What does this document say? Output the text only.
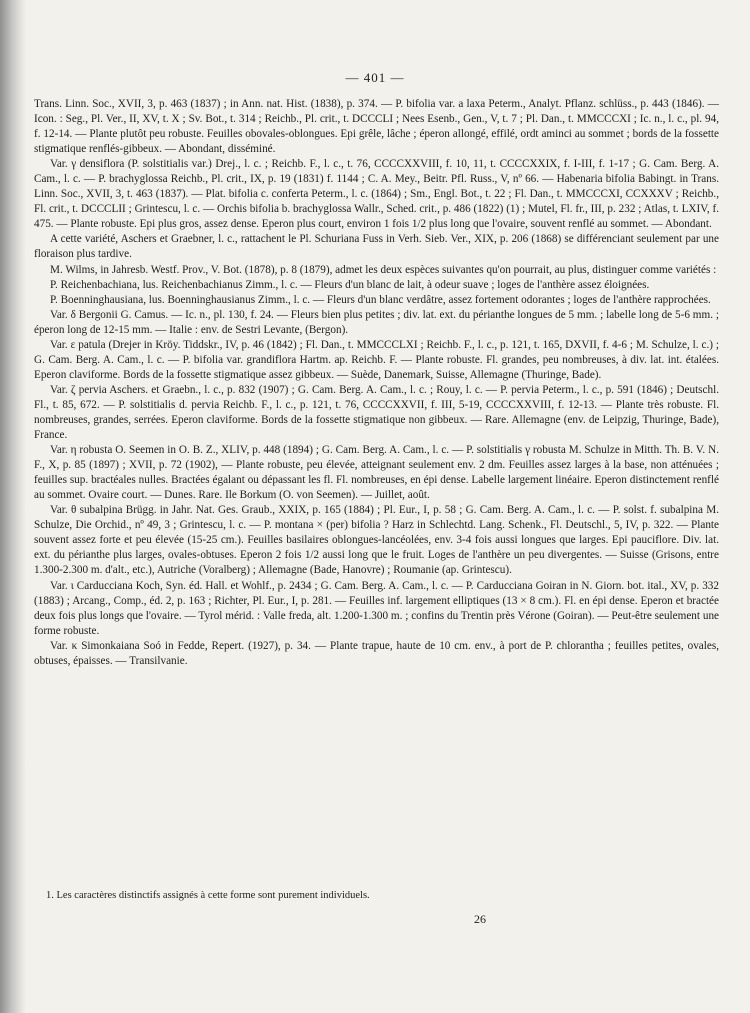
— 401 —

Trans. Linn. Soc., XVII, 3, p. 463 (1837) ; in Ann. nat. Hist. (1838), p. 374. — P. bifolia var. a laxa Peterm., Analyt. Pflanz. schlüss., p. 443 (1846). — Icon. : Seg., Pl. Ver., II, XV, t. X ; Sv. Bot., t. 314 ; Reichb., Pl. crit., t. DCCCLI ; Nees Esenb., Gen., V, t. 7 ; Pl. Dan., t. MMCCCXI ; Ic. n., l. c., pl. 94, f. 12-14. — Plante plutôt peu robuste. Feuilles obovales-oblongues. Epi grêle, lâche ; éperon allongé, effilé, ordt aminci au sommet ; bords de la fossette stigmatique renflés-gibbeux. — Abondant, disséminé.

Var. γ densiflora (P. solstitialis var.) Drej., l. c. ; Reichb. F., l. c., t. 76, CCCCXXVIII, f. 10, 11, t. CCCCXXIX, f. I-III, f. 1-17 ; G. Cam. Berg. A. Cam., l. c. — P. brachyglossa Reichb., Pl. crit., IX, p. 19 (1831) f. 1144 ; C. A. Mey., Beitr. Pfl. Russ., V, nº 66. — Habenaria bifolia Babingt. in Trans. Linn. Soc., XVII, 3, t. 463 (1837). — Plat. bifolia c. conferta Peterm., l. c. (1864) ; Sm., Engl. Bot., t. 22 ; Fl. Dan., t. MMCCCXI, CCXXXV ; Reichb., Fl. crit., t. DCCCLII ; Grintescu, l. c. — Orchis bifolia b. brachyglossa Wallr., Sched. crit., p. 486 (1822) (1) ; Mutel, Fl. fr., III, p. 232 ; Atlas, t. LXIV, f. 475. — Plante robuste. Epi plus gros, assez dense. Eperon plus court, environ 1 fois 1/2 plus long que l'ovaire, souvent renflé au sommet. — Abondant.

A cette variété, Aschers et Graebner, l. c., rattachent le Pl. Schuriana Fuss in Verh. Sieb. Ver., XIX, p. 206 (1868) se différenciant seulement par une floraison plus tardive.

M. Wilms, in Jahresb. Westf. Prov., V. Bot. (1878), p. 8 (1879), admet les deux espèces suivantes qu'on pourrait, au plus, distinguer comme variétés :

P. Reichenbachiana, lus. Reichenbachianus Zimm., l. c. — Fleurs d'un blanc de lait, à odeur suave ; loges de l'anthère assez éloignées.

P. Boenninghausiana, lus. Boenninghausianus Zimm., l. c. — Fleurs d'un blanc verdâtre, assez fortement odorantes ; loges de l'anthère rapprochées.

Var. δ Bergonii G. Camus. — Ic. n., pl. 130, f. 24. — Fleurs bien plus petites ; div. lat. ext. du périanthe longues de 5 mm. ; labelle long de 5-6 mm. ; éperon long de 12-15 mm. — Italie : env. de Sestri Levante, (Bergon).

Var. ε patula (Drejer in Kröy. Tiddskr., IV, p. 46 (1842) ; Fl. Dan., t. MMCCCLXI ; Reichb. F., l. c., p. 121, t. 165, DXVII, f. 4-6 ; M. Schulze, l. c.) ; G. Cam. Berg. A. Cam., l. c. — P. bifolia var. grandiflora Hartm. ap. Reichb. F. — Plante robuste. Fl. grandes, peu nombreuses, à div. lat. int. étalées. Eperon claviforme. Bords de la fossette stigmatique assez gibbeux. — Suède, Danemark, Suisse, Allemagne (Thuringe, Bade).

Var. ζ pervia Aschers. et Graebn., l. c., p. 832 (1907) ; G. Cam. Berg. A. Cam., l. c. ; Rouy, l. c. — P. pervia Peterm., l. c., p. 591 (1846) ; Deutschl. Fl., t. 85, 672. — P. solstitialis d. pervia Reichb. F., l. c., p. 121, t. 76, CCCCXXVII, f. III, 5-19, CCCCXXVIII, f. 12-13. — Plante très robuste. Fl. nombreuses, grandes, serrées. Eperon claviforme. Bords de la fossette stigmatique non gibbeux. — Rare. Allemagne (env. de Leipzig, Thuringe, Bade), France.

Var. η robusta O. Seemen in O. B. Z., XLIV, p. 448 (1894) ; G. Cam. Berg. A. Cam., l. c. — P. solstitialis γ robusta M. Schulze in Mitth. Th. B. V. N. F., X, p. 85 (1897) ; XVII, p. 72 (1902), — Plante robuste, peu élevée, atteignant seulement env. 2 dm. Feuilles assez larges à la base, non atténuées ; feuilles sup. bractéales nulles. Bractées égalant ou dépassant les fl. Fl. nombreuses, en épi dense. Labelle largement linéaire. Eperon distinctement renflé au sommet. Ovaire court. — Dunes. Rare. Ile Borkum (O. von Seemen). — Juillet, août.

Var. θ subalpina Brügg. in Jahr. Nat. Ges. Graub., XXIX, p. 165 (1884) ; Pl. Eur., I, p. 58 ; G. Cam. Berg. A. Cam., l. c. — P. solst. f. subalpina M. Schulze, Die Orchid., nº 49, 3 ; Grintescu, l. c. — P. montana × (per) bifolia ? Harz in Schlechtd. Lang. Schenk., Fl. Deutschl., 5, IV, p. 322. — Plante souvent assez forte et peu élevée (15-25 cm.). Feuilles basilaires oblongues-lancéolées, env. 3-4 fois aussi longues que larges. Epi pauciflore. Div. lat. ext. du périanthe plus larges, ovales-obtuses. Eperon 2 fois 1/2 aussi long que le fruit. Loges de l'anthère un peu divergentes. — Suisse (Grisons, entre 1.300-2.300 m. d'alt., etc.), Autriche (Voralberg) ; Allemagne (Bade, Hanovre) ; Roumanie (ap. Grintescu).

Var. ι Carducciana Koch, Syn. éd. Hall. et Wohlf., p. 2434 ; G. Cam. Berg. A. Cam., l. c. — P. Carducciana Goiran in N. Giorn. bot. ital., XV, p. 332 (1883) ; Arcang., Comp., éd. 2, p. 163 ; Richter, Pl. Eur., I, p. 281. — Feuilles inf. largement elliptiques (13 × 8 cm.). Fl. en épi dense. Eperon et bractée deux fois plus longs que l'ovaire. — Tyrol mérid. : Valle freda, alt. 1.200-1.300 m. ; confins du Trentin près Vérone (Goiran). — Peut-être seulement une forme robuste.

Var. κ Simonkaiana Soó in Fedde, Repert. (1927), p. 34. — Plante trapue, haute de 10 cm. env., à port de P. chlorantha ; feuilles petites, ovales, obtuses, épaisses. — Transilvanie.

1. Les caractères distinctifs assignés à cette forme sont purement individuels.
26
